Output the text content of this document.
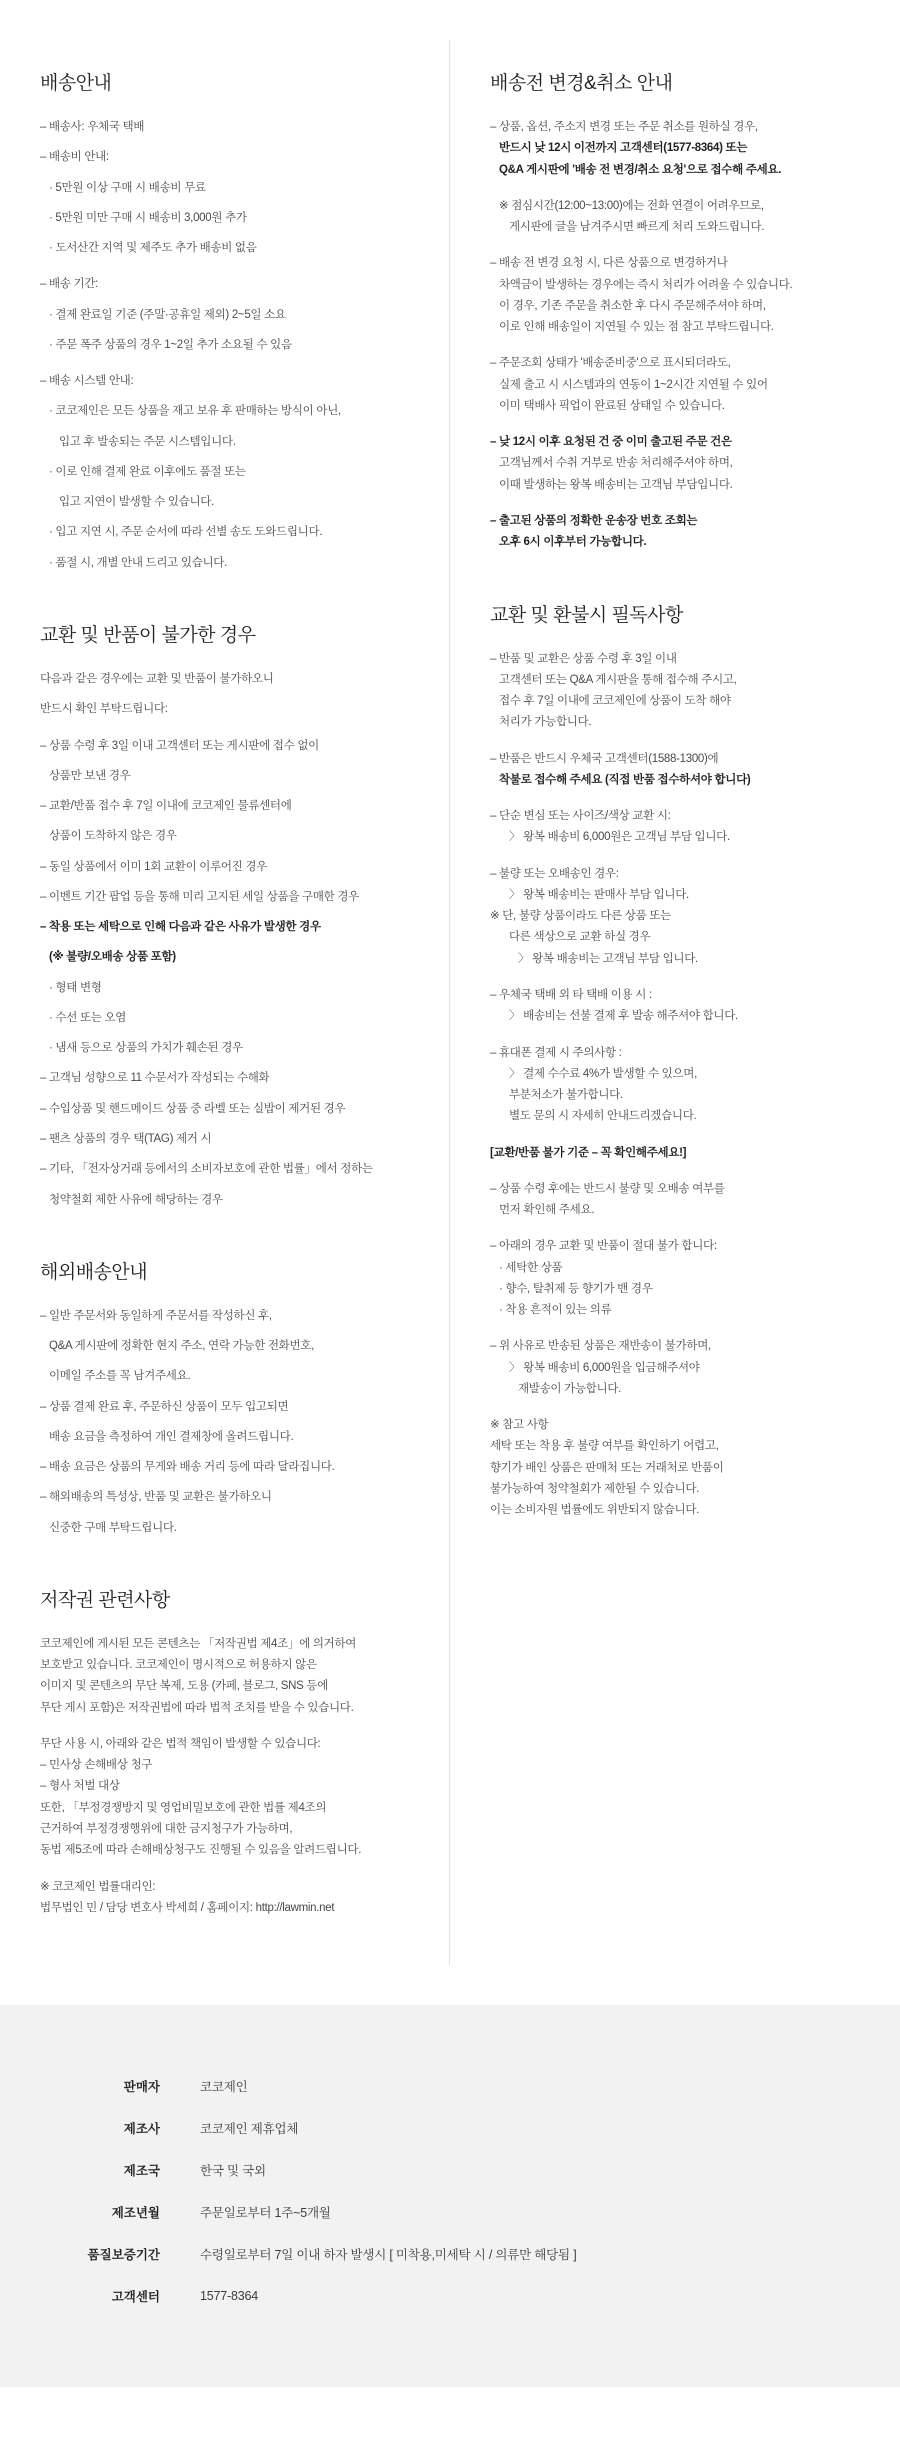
배송안내
– 배송사: 우체국 택배
– 배송비 안내:
· 5만원 이상 구매 시 배송비 무료
· 5만원 미만 구매 시 배송비 3,000원 추가
· 도서산간 지역 및 제주도 추가 배송비 없음
– 배송 기간:
· 결제 완료일 기준 (주말·공휴일 제외) 2~5일 소요
· 주문 폭주 상품의 경우 1~2일 추가 소요될 수 있음
– 배송 시스템 안내:
· 코코제인은 모든 상품을 재고 보유 후 판매하는 방식이 아닌,
입고 후 발송되는 주문 시스템입니다.
· 이로 인해 결제 완료 이후에도 품절 또는
입고 지연이 발생할 수 있습니다.
· 입고 지연 시, 주문 순서에 따라 선별 송도 도와드립니다.
· 품절 시, 개별 안내 드리고 있습니다.
교환 및 반품이 불가한 경우
다음과 같은 경우에는 교환 및 반품이 불가하오니
반드시 확인 부탁드립니다:
– 상품 수령 후 3일 이내 고객센터 또는 게시판에 접수 없이
상품만 보낸 경우
– 교환/반품 접수 후 7일 이내에 코코제인 물류센터에
상품이 도착하지 않은 경우
– 동일 상품에서 이미 1회 교환이 이루어진 경우
– 이벤트 기간 팝업 등을 통해 미리 고지된 세일 상품을 구매한 경우
– 착용 또는 세탁으로 인해 다음과 같은 사유가 발생한 경우
(※ 불량/오배송 상품 포함)
· 형태 변형
· 수선 또는 오염
· 냄새 등으로 상품의 가치가 훼손된 경우
– 고객님 성향으로 11 수문서가 작성되는 수해화
– 수입상품 및 핸드메이드 상품 중 라벨 또는 실밥이 제거된 경우
– 팬츠 상품의 경우 택(TAG) 제거 시
– 기타, 「전자상거래 등에서의 소비자보호에 관한 법률」에서 정하는
청약철회 제한 사유에 해당하는 경우
해외배송안내
– 일반 주문서와 동일하게 주문서를 작성하신 후,
Q&A 게시판에 정확한 현지 주소, 연락 가능한 전화번호,
이메일 주소를 꼭 남겨주세요.
– 상품 결제 완료 후, 주문하신 상품이 모두 입고되면
배송 요금을 측정하여 개인 결제창에 올려드립니다.
– 배송 요금은 상품의 무게와 배송 거리 등에 따라 달라집니다.
– 해외배송의 특성상, 반품 및 교환은 불가하오니
신중한 구매 부탁드립니다.
저작권 관련사항
코코제인에 게시된 모든 콘텐츠는 「저작권법 제4조」에 의거하여
보호받고 있습니다. 코코제인이 명시적으로 허용하지 않은
이미지 및 콘텐츠의 무단 복제, 도용 (카페, 블로그, SNS 등에
무단 게시 포함)은 저작권법에 따라 법적 조치를 받을 수 있습니다.
무단 사용 시, 아래와 같은 법적 책임이 발생할 수 있습니다:
– 민사상 손해배상 청구
– 형사 처벌 대상
또한, 「부정경쟁방지 및 영업비밀보호에 관한 법률 제4조의
근거하여 부정경쟁행위에 대한 금지청구가 가능하며,
동법 제5조에 따라 손해배상청구도 진행될 수 있음을 알려드립니다.
※ 코코제인 법률대리인:
법무법인 민 / 담당 변호사 박세희 / 홈페이지: http://lawmin.net
배송전 변경&취소 안내
– 상품, 옵션, 주소지 변경 또는 주문 취소를 원하실 경우,
반드시 낮 12시 이전까지 고객센터(1577-8364) 또는
Q&A 게시판에 '배송 전 변경/취소 요청'으로 접수해 주세요.
※ 점심시간(12:00~13:00)에는 전화 연결이 어려우므로,
게시판에 글을 남겨주시면 빠르게 처리 도와드립니다.
– 배송 전 변경 요청 시, 다른 상품으로 변경하거나
차액금이 발생하는 경우에는 즉시 처리가 어려울 수 있습니다.
이 경우, 기존 주문을 취소한 후 다시 주문해주셔야 하며,
이로 인해 배송일이 지연될 수 있는 점 참고 부탁드립니다.
– 주문조회 상태가 '배송준비중'으로 표시되더라도,
실제 출고 시 시스템과의 연동이 1~2시간 지연될 수 있어
이미 택배사 픽업이 완료된 상태일 수 있습니다.
– 낮 12시 이후 요청된 건 중 이미 출고된 주문 건은
고객님께서 수취 거부로 반송 처리해주셔야 하며,
이때 발생하는 왕복 배송비는 고객님 부담입니다.
– 출고된 상품의 정확한 운송장 번호 조회는
오후 6시 이후부터 가능합니다.
교환 및 환불시 필독사항
– 반품 및 교환은 상품 수령 후 3일 이내
고객센터 또는 Q&A 게시판을 통해 접수해 주시고,
접수 후 7일 이내에 코코제인에 상품이 도착 해야
처리가 가능합니다.
– 반품은 반드시 우체국 고객센터(1588-1300)에
착불로 접수해 주세요 (직접 반품 접수하셔야 합니다)
– 단순 변심 또는 사이즈/색상 교환 시:
〉 왕복 배송비 6,000원은 고객님 부담 입니다.
– 불량 또는 오배송인 경우:
〉 왕복 배송비는 판매사 부담 입니다.
※ 단, 불량 상품이라도 다른 상품 또는
다른 색상으로 교환 하실 경우
〉 왕복 배송비는 고객님 부담 입니다.
– 우체국 택배 외 타 택배 이용 시 :
〉 배송비는 선불 결제 후 발송 해주셔야 합니다.
– 휴대폰 결제 시 주의사항 :
〉 결제 수수료 4%가 발생할 수 있으며,
부분처소가 불가합니다.
별도 문의 시 자세히 안내드리겠습니다.
[교환/반품 불가 기준 – 꼭 확인해주세요!]
– 상품 수령 후에는 반드시 불량 및 오배송 여부를
먼저 확인해 주세요.
– 아래의 경우 교환 및 반품이 절대 불가 합니다:
· 세탁한 상품
· 향수, 탈취제 등 향기가 밴 경우
· 착용 흔적이 있는 의류
– 위 사유로 반송된 상품은 재반송이 불가하며,
〉 왕복 배송비 6,000원을 입금해주셔야
재발송이 가능합니다.
※ 참고 사항
세탁 또는 착용 후 불량 여부를 확인하기 어렵고,
향기가 배인 상품은 판매처 또는 거래처로 반품이
불가능하여 청약철회가 제한될 수 있습니다.
이는 소비자원 법률에도 위반되지 않습니다.
판매자	코코제인
제조사	코코제인 제휴업체
제조국	한국 및 국외
제조년월	주문일로부터 1주~5개월
품질보증기간	수령일로부터 7일 이내 하자 발생시 [ 미착용,미세탁 시 / 의류만 해당됨 ]
고객센터	1577-8364
